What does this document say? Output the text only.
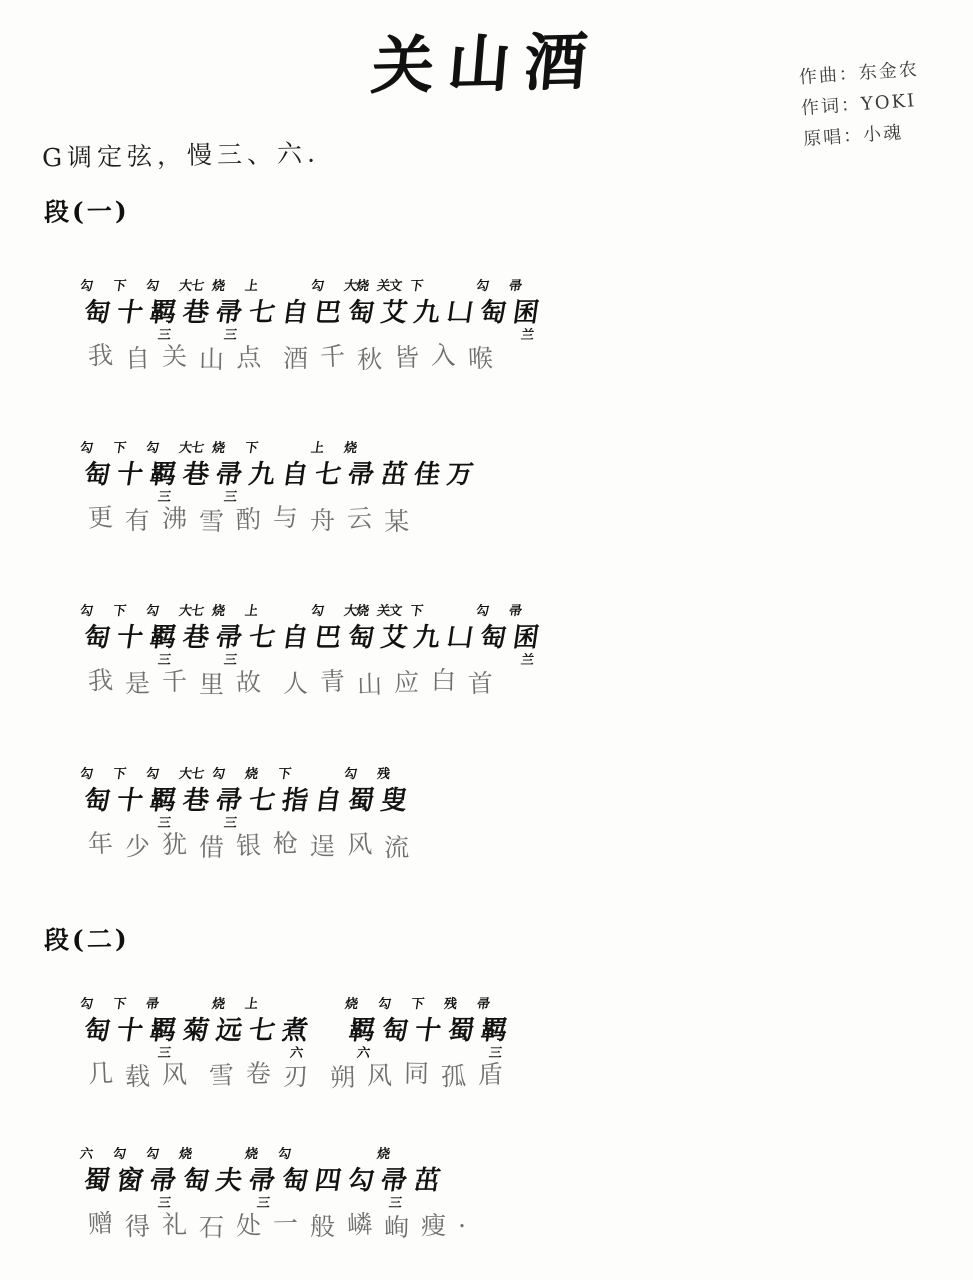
关山酒	作曲：东金农
作词：YOKI
原唱：小魂
G调定弦，慢三、六.
段(一)
段(二)
勾
匋
下
十
勾
羁
三
大七
巷
烧
帚
三
上
七 自
勾
巴
大烧
匋
关文
艾
下
九 凵
勾
匋
帚
囷
兰
我 自 关 山 点 酒 千 秋 皆 入 喉
勾
匋
下
十
勾
羁
三
大七
巷
烧
帚
三
下
九 自
上
七
烧
帚 茁 佳 万
更 有 沸 雪 酌 与 舟 云 某
勾
匋
下
十
勾
羁
三
大七
巷
烧
帚
三
上
七 自
勾
巴
大烧
匋
关文
艾
下
九 凵
勾
匋
帚
囷
兰
我 是 千 里 故 人 青 山 应 白 首
勾
匋
下
十
勾
羁
三
大七
巷
勾
帚
三
烧
七
下
指 自
勾
蜀
残
叟
年 少 犹 借 银 枪 逞 风 流
勾
匋
下
十
帚
羁
三
菊
烧
远
上
七 煮
六
烧
羁
六
勾
匋
下
十
残
蜀
帚
羁
三
几 载 风 雪 卷 刃 朔 风 同 孤 盾
六
蜀
勾
窗
勾
帚
三
烧
匋 夫
烧
帚
三
勾
匋 四 勾
烧
帚
三
茁
赠 得 礼 石 处 一 般 嶙 峋 瘦 .
